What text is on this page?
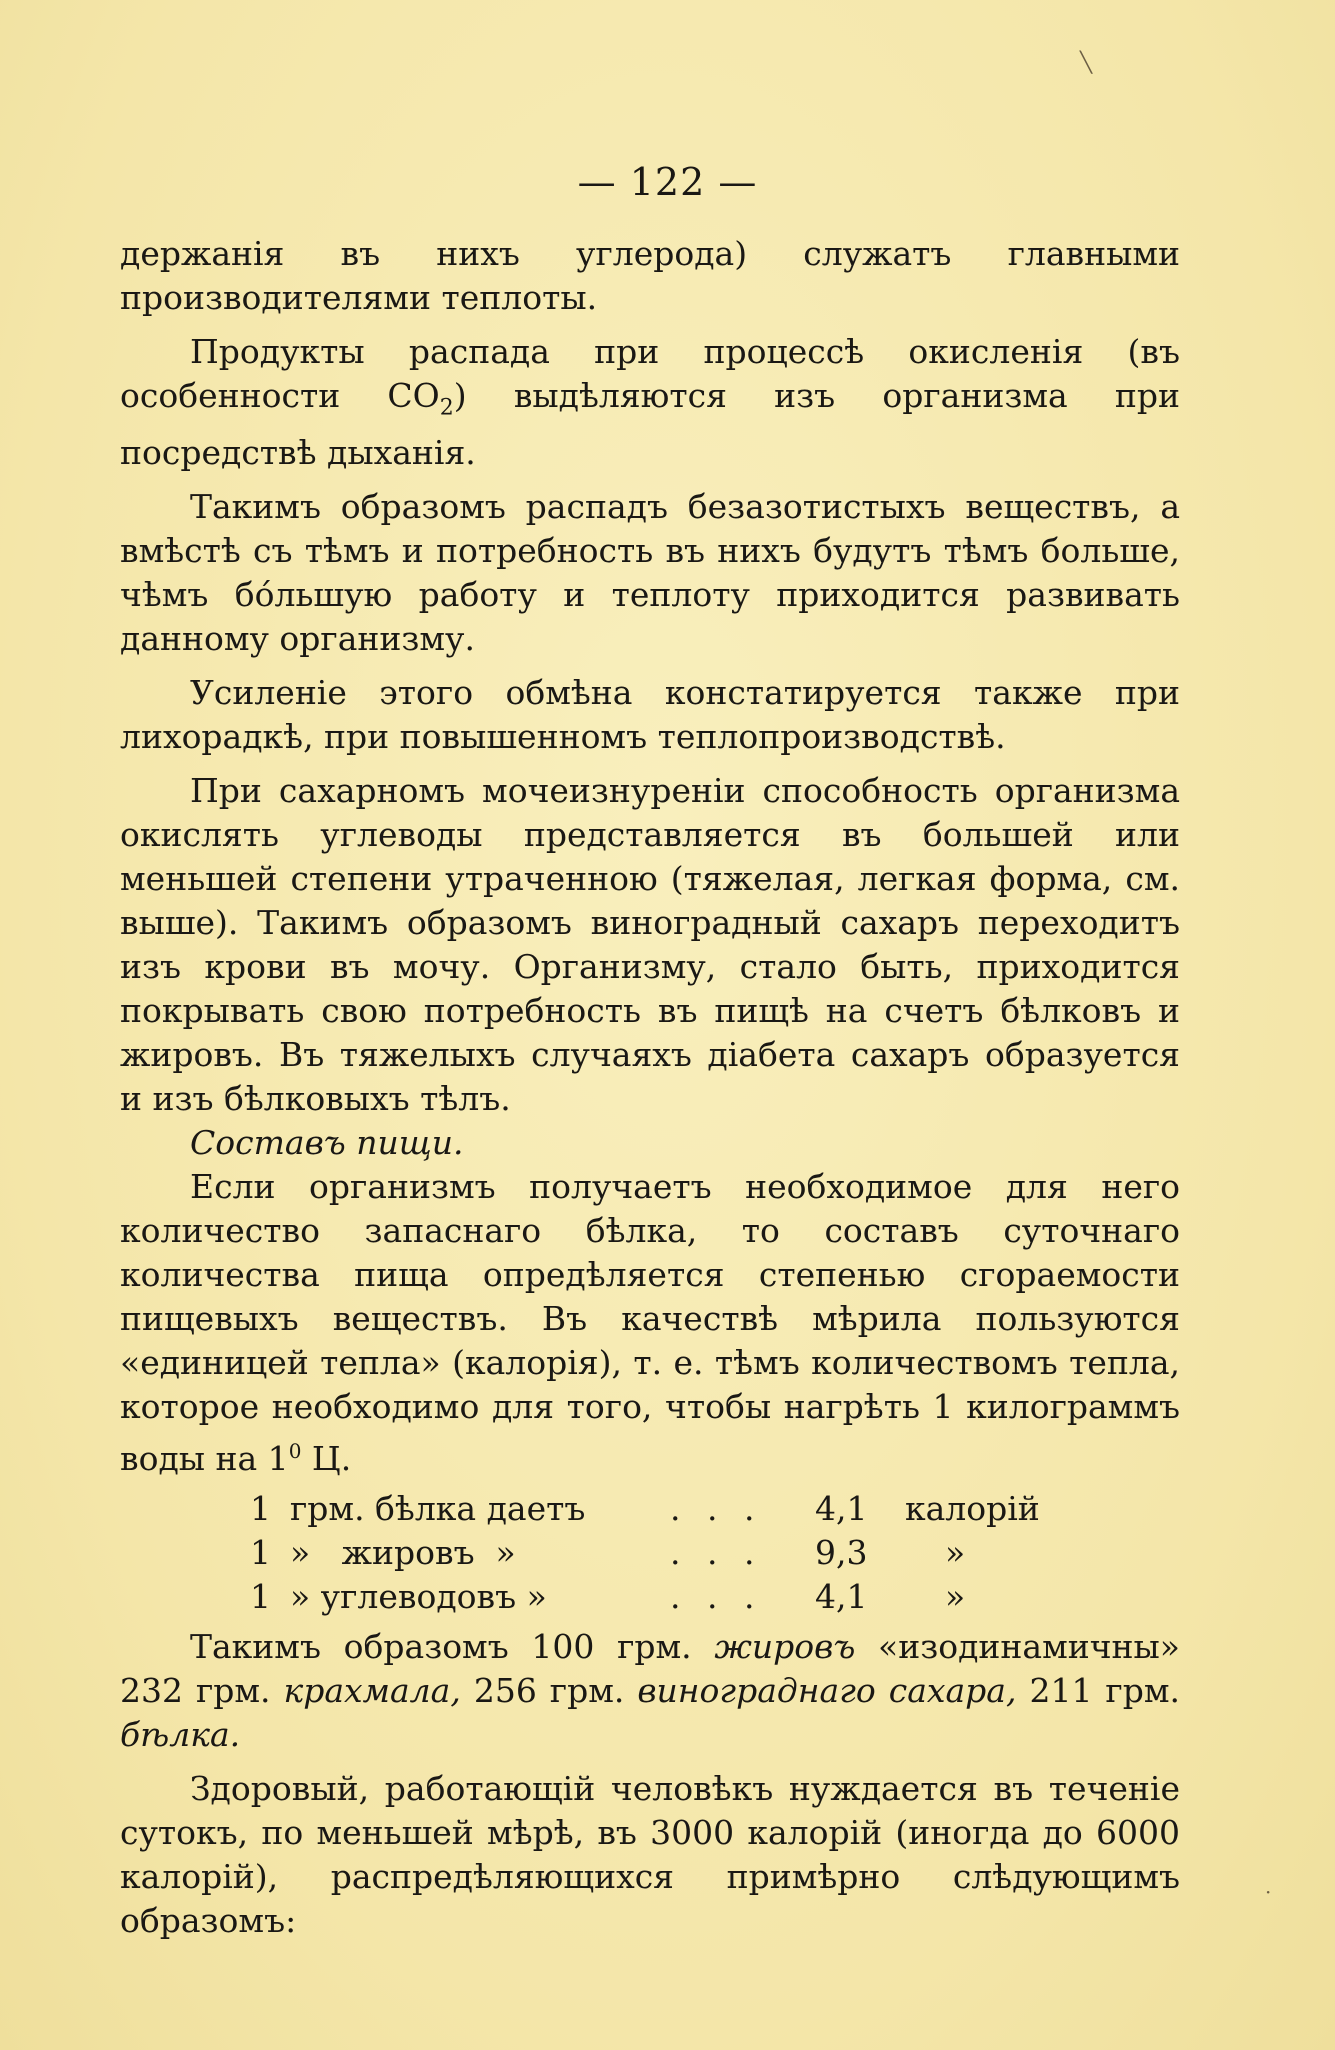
╲
·
— 122 —

держанія въ нихъ углерода) служатъ главными производителями теплоты.

Продукты распада при процессѣ окисленія (въ особенности $CO_2$) выдѣляются изъ организма при посредствѣ дыханія.

Такимъ образомъ распадъ безазотистыхъ веществъ, а вмѣстѣ съ тѣмъ и потребность въ нихъ будутъ тѣмъ больше, чѣмъ бо́льшую работу и теплоту приходится развивать данному организму.

Усиленіе этого обмѣна констатируется также при лихорадкѣ, при повышенномъ теплопроизводствѣ.

При сахарномъ мочеизнуреніи способность организма окислять углеводы представляется въ большей или меньшей степени утраченною (тяжелая, легкая форма, см. выше). Такимъ образомъ виноградный сахаръ переходитъ изъ крови въ мочу. Организму, стало быть, приходится покрывать свою потребность въ пищѣ на счетъ бѣлковъ и жировъ. Въ тяжелыхъ случаяхъ діабета сахаръ образуется и изъ бѣлковыхъ тѣлъ.

Составъ пищи.

Если организмъ получаетъ необходимое для него количество запаснаго бѣлка, то составъ суточнаго количества пища опредѣляется степенью сгораемости пищевыхъ веществъ. Въ качествѣ мѣрила пользуются «единицей тепла» (калорія), т. е. тѣмъ количествомъ тепла, которое необходимо для того, чтобы нагрѣть 1 килограммъ воды на $1^0$ Ц.

1 грм. бѣлка даетъ	. . .	4,1	калорій
1 »   жировъ  »	. . .	9,3	»
1 » углеводовъ »	. . .	4,1	»

Такимъ образомъ 100 грм. жировъ «изодинамичны» 232 грм. крахмала, 256 грм. винограднаго сахара, 211 грм. бѣлка.

Здоровый, работающій человѣкъ нуждается въ теченіе сутокъ, по меньшей мѣрѣ, въ 3000 калорій (иногда до 6000 калорій), распредѣляющихся примѣрно слѣдующимъ образомъ:
